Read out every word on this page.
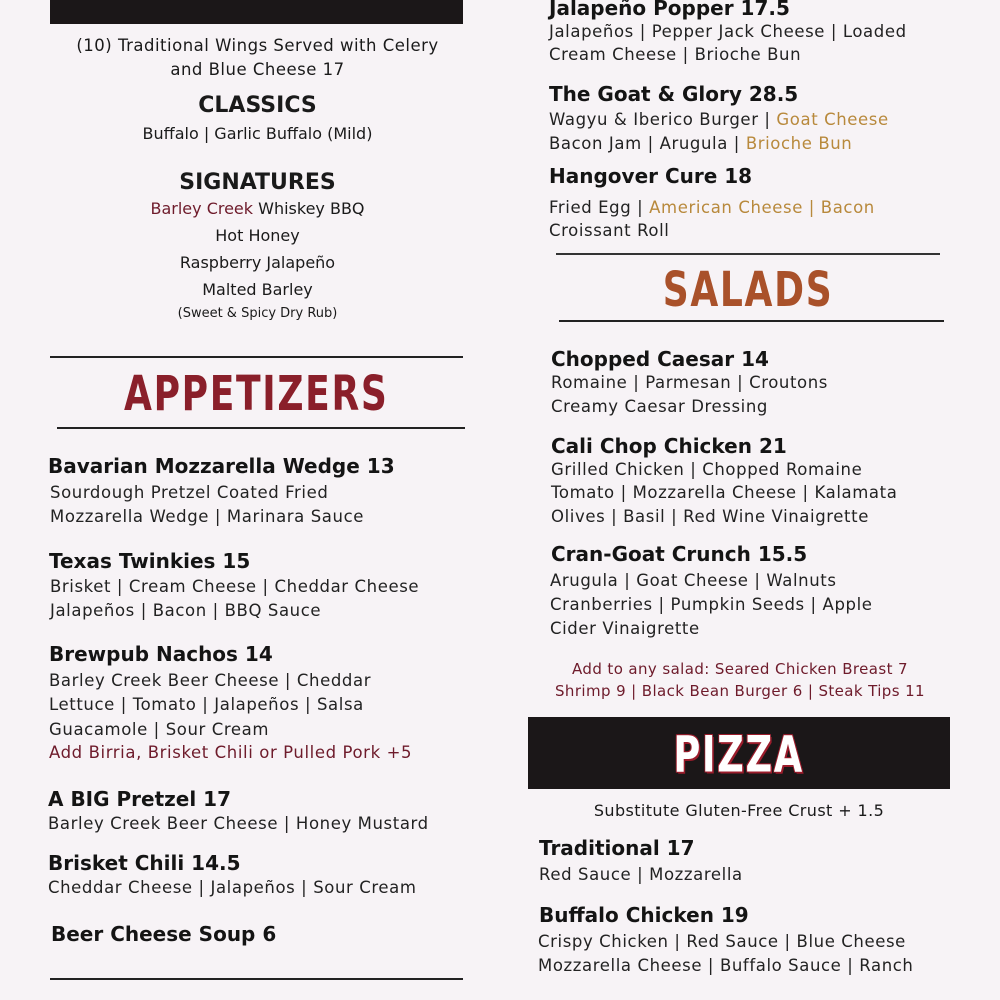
(10) Traditional Wings Served with Celery
and Blue Cheese 17
CLASSICS
Buffalo | Garlic Buffalo (Mild)
SIGNATURES
Barley Creek Whiskey BBQ
Hot Honey
Raspberry Jalapeño
Malted Barley
(Sweet & Spicy Dry Rub)
APPETIZERS
Bavarian Mozzarella Wedge 13
Sourdough Pretzel Coated Fried
Mozzarella Wedge | Marinara Sauce
Texas Twinkies 15
Brisket | Cream Cheese | Cheddar Cheese
Jalapeños | Bacon | BBQ Sauce
Brewpub Nachos 14
Barley Creek Beer Cheese | Cheddar
Lettuce | Tomato | Jalapeños | Salsa
Guacamole | Sour Cream
Add Birria, Brisket Chili or Pulled Pork +5
A BIG Pretzel 17
Barley Creek Beer Cheese | Honey Mustard
Brisket Chili 14.5
Cheddar Cheese | Jalapeños | Sour Cream
Beer Cheese Soup 6
Jalapeño Popper 17.5
Jalapeños | Pepper Jack Cheese | Loaded
Cream Cheese | Brioche Bun
The Goat & Glory 28.5
Wagyu & Iberico Burger | Goat Cheese
Bacon Jam | Arugula | Brioche Bun
Hangover Cure 18
Fried Egg | American Cheese | Bacon
Croissant Roll
SALADS
Chopped Caesar 14
Romaine | Parmesan | Croutons
Creamy Caesar Dressing
Cali Chop Chicken 21
Grilled Chicken | Chopped Romaine
Tomato | Mozzarella Cheese | Kalamata
Olives | Basil | Red Wine Vinaigrette
Cran-Goat Crunch 15.5
Arugula | Goat Cheese | Walnuts
Cranberries | Pumpkin Seeds | Apple
Cider Vinaigrette
Add to any salad: Seared Chicken Breast 7
Shrimp 9 | Black Bean Burger 6 | Steak Tips 11
PIZZA
Substitute Gluten-Free Crust + 1.5
Traditional 17
Red Sauce | Mozzarella
Buffalo Chicken 19
Crispy Chicken | Red Sauce | Blue Cheese
Mozzarella Cheese | Buffalo Sauce | Ranch
